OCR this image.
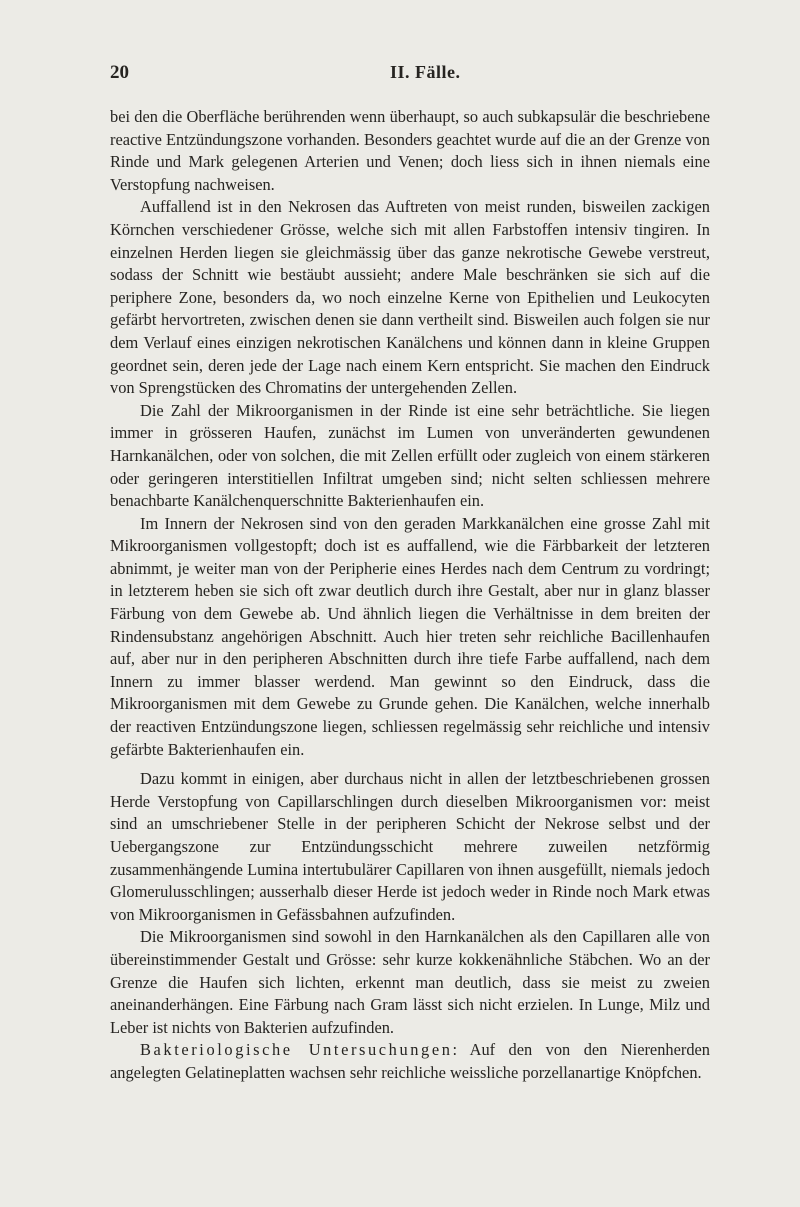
20	II. Fälle.

bei den die Oberfläche berührenden wenn überhaupt, so auch subkapsulär die beschriebene reactive Entzündungszone vorhanden. Besonders geachtet wurde auf die an der Grenze von Rinde und Mark gelegenen Arterien und Venen; doch liess sich in ihnen niemals eine Verstopfung nachweisen.

Auffallend ist in den Nekrosen das Auftreten von meist runden, bisweilen zackigen Körnchen verschiedener Grösse, welche sich mit allen Farbstoffen intensiv tingiren. In einzelnen Herden liegen sie gleichmässig über das ganze nekrotische Gewebe verstreut, sodass der Schnitt wie bestäubt aussieht; andere Male beschränken sie sich auf die periphere Zone, besonders da, wo noch einzelne Kerne von Epithelien und Leukocyten gefärbt hervortreten, zwischen denen sie dann vertheilt sind. Bisweilen auch folgen sie nur dem Verlauf eines einzigen nekrotischen Kanälchens und können dann in kleine Gruppen geordnet sein, deren jede der Lage nach einem Kern entspricht. Sie machen den Eindruck von Sprengstücken des Chromatins der untergehenden Zellen.

Die Zahl der Mikroorganismen in der Rinde ist eine sehr beträchtliche. Sie liegen immer in grösseren Haufen, zunächst im Lumen von unveränderten gewundenen Harnkanälchen, oder von solchen, die mit Zellen erfüllt oder zugleich von einem stärkeren oder geringeren interstitiellen Infiltrat umgeben sind; nicht selten schliessen mehrere benachbarte Kanälchenquerschnitte Bakterienhaufen ein.

Im Innern der Nekrosen sind von den geraden Markkanälchen eine grosse Zahl mit Mikroorganismen vollgestopft; doch ist es auffallend, wie die Färbbarkeit der letzteren abnimmt, je weiter man von der Peripherie eines Herdes nach dem Centrum zu vordringt; in letzterem heben sie sich oft zwar deutlich durch ihre Gestalt, aber nur in glanz blasser Färbung von dem Gewebe ab. Und ähnlich liegen die Verhältnisse in dem breiten der Rindensubstanz angehörigen Abschnitt. Auch hier treten sehr reichliche Bacillenhaufen auf, aber nur in den peripheren Abschnitten durch ihre tiefe Farbe auffallend, nach dem Innern zu immer blasser werdend. Man gewinnt so den Eindruck, dass die Mikroorganismen mit dem Gewebe zu Grunde gehen. Die Kanälchen, welche innerhalb der reactiven Entzündungszone liegen, schliessen regelmässig sehr reichliche und intensiv gefärbte Bakterienhaufen ein.

Dazu kommt in einigen, aber durchaus nicht in allen der letztbeschriebenen grossen Herde Verstopfung von Capillarschlingen durch dieselben Mikroorganismen vor: meist sind an umschriebener Stelle in der peripheren Schicht der Nekrose selbst und der Uebergangszone zur Entzündungsschicht mehrere zuweilen netzförmig zusammenhängende Lumina intertubulärer Capillaren von ihnen ausgefüllt, niemals jedoch Glomerulusschlingen; ausserhalb dieser Herde ist jedoch weder in Rinde noch Mark etwas von Mikroorganismen in Gefässbahnen aufzufinden.

Die Mikroorganismen sind sowohl in den Harnkanälchen als den Capillaren alle von übereinstimmender Gestalt und Grösse: sehr kurze kokkenähnliche Stäbchen. Wo an der Grenze die Haufen sich lichten, erkennt man deutlich, dass sie meist zu zweien aneinanderhängen. Eine Färbung nach Gram lässt sich nicht erzielen. In Lunge, Milz und Leber ist nichts von Bakterien aufzufinden.

Bakteriologische Untersuchungen: Auf den von den Nierenherden angelegten Gelatineplatten wachsen sehr reichliche weissliche porzellanartige Knöpfchen.
